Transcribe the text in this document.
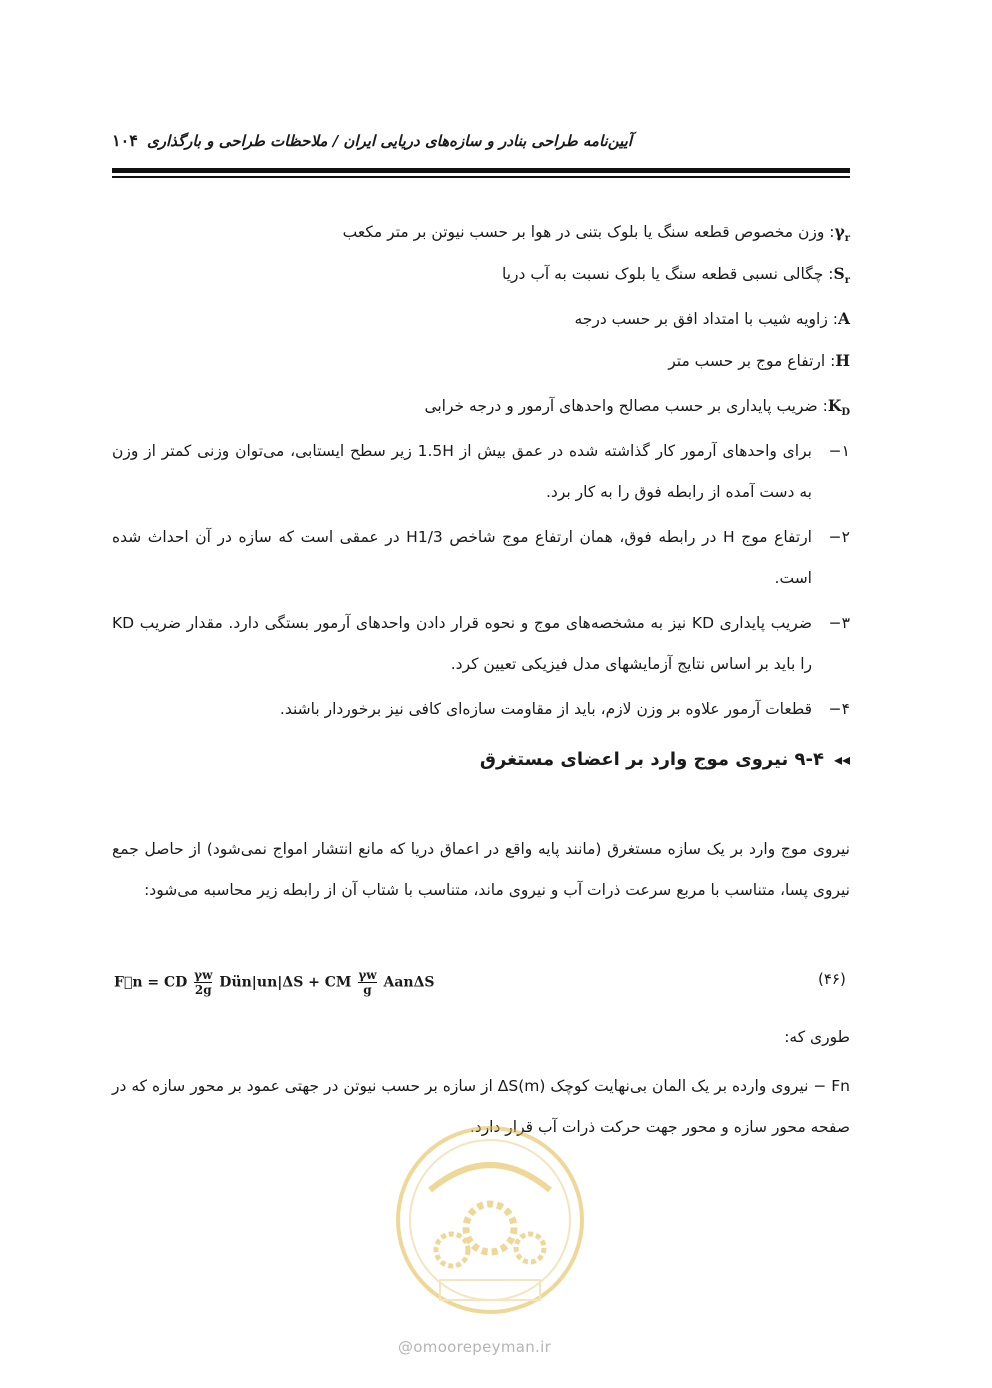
آیین‌نامه طراحی بنادر و سازه‌های دریایی ایران / ملاحظات طراحی و بارگذاری
۱۰۴
$\gamma_r$: وزن مخصوص قطعه سنگ یا بلوک بتنی در هوا بر حسب نیوتن بر متر مکعب
$S_r$: چگالی نسبی قطعه سنگ یا بلوک نسبت به آب دریا
A: زاویه شیب با امتداد افق بر حسب درجه
H: ارتفاع موج بر حسب متر
$K_D$: ضریب پایداری بر حسب مصالح واحدهای آرمور و درجه خرابی
۱−
برای واحدهای آرمور کار گذاشته شده در عمق بیش از 1.5H زیر سطح ایستابی، می‌توان وزنی کمتر از وزن به دست آمده از رابطه فوق را به کار برد.
۲−
ارتفاع موج H در رابطه فوق، همان ارتفاع موج شاخص H1/3 در عمقی است که سازه در آن احداث شده است.
۳−
ضریب پایداری KD نیز به مشخصه‌های موج و نحوه قرار دادن واحدهای آرمور بستگی دارد. مقدار ضریب KD را باید بر اساس نتایج آزمایشهای مدل فیزیکی تعیین کرد.
۴−
قطعات آرمور علاوه بر وزن لازم، باید از مقاومت سازه‌ای کافی نیز برخوردار باشند.
◂◂۹-۴ نیروی موج وارد بر اعضای مستغرق
نیروی موج وارد بر یک سازه مستغرق (مانند پایه واقع در اعماق دریا که مانع انتشار امواج نمی‌شود) از حاصل جمع نیروی پسا، متناسب با مربع سرعت ذرات آب و نیروی ماند، متناسب با شتاب آن از رابطه زیر محاسبه می‌شود:
F⃗n = CD $\frac{\gamma w}{2g}$ Dü̇n|un|ΔS + CM $\frac{\gamma w}{g}$ AanΔS	(۴۶)
طوری که:
Fn − نیروی وارده بر یک المان بی‌نهایت کوچک ΔS(m) از سازه بر حسب نیوتن در جهتی عمود بر محور سازه که در صفحه محور سازه و محور جهت حرکت ذرات آب قرار دارد.
@omoorepeyman.ir
